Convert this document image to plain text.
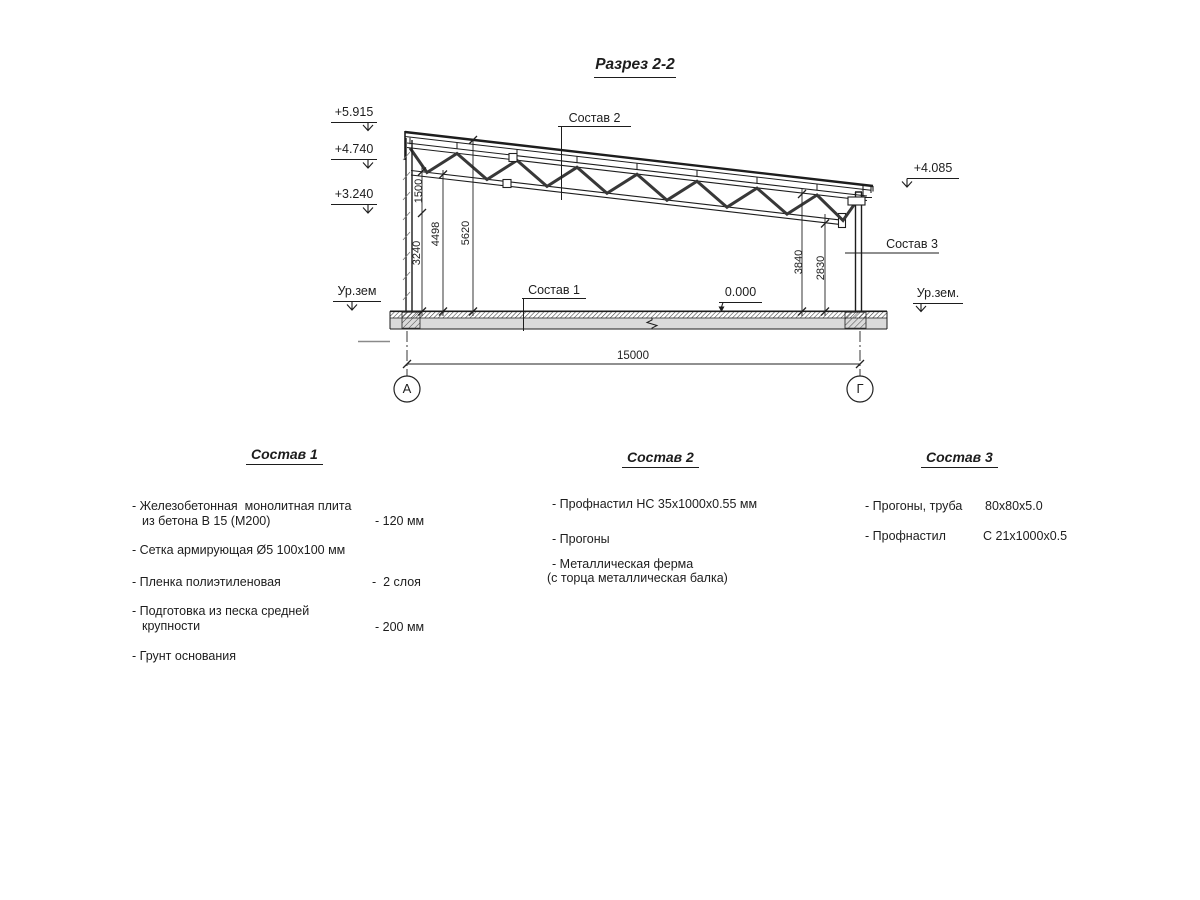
Разрез 2-2
+5.915
+4.740
+3.240
+4.085
0.000
Ур.зем	Ур.зем.
Состав 2
Состав 1
Состав 3
1500
3240
4498 5620
3840 2830
15000
А	Г
Состав 1
- Железобетонная  монолитная плита
из бетона В 15 (М200)	- 120 мм
- Сетка армирующая Ø5 100х100 мм
- Пленка полиэтиленовая	-  2 слоя
- Подготовка из песка средней
крупности	- 200 мм
- Грунт основания
Состав 2
- Профнастил НС 35х1000х0.55 мм
- Прогоны
- Металлическая ферма
(с торца металлическая балка)
Состав 3
- Прогоны, труба 80х80х5.0
- Профнастил	С 21х1000х0.5
